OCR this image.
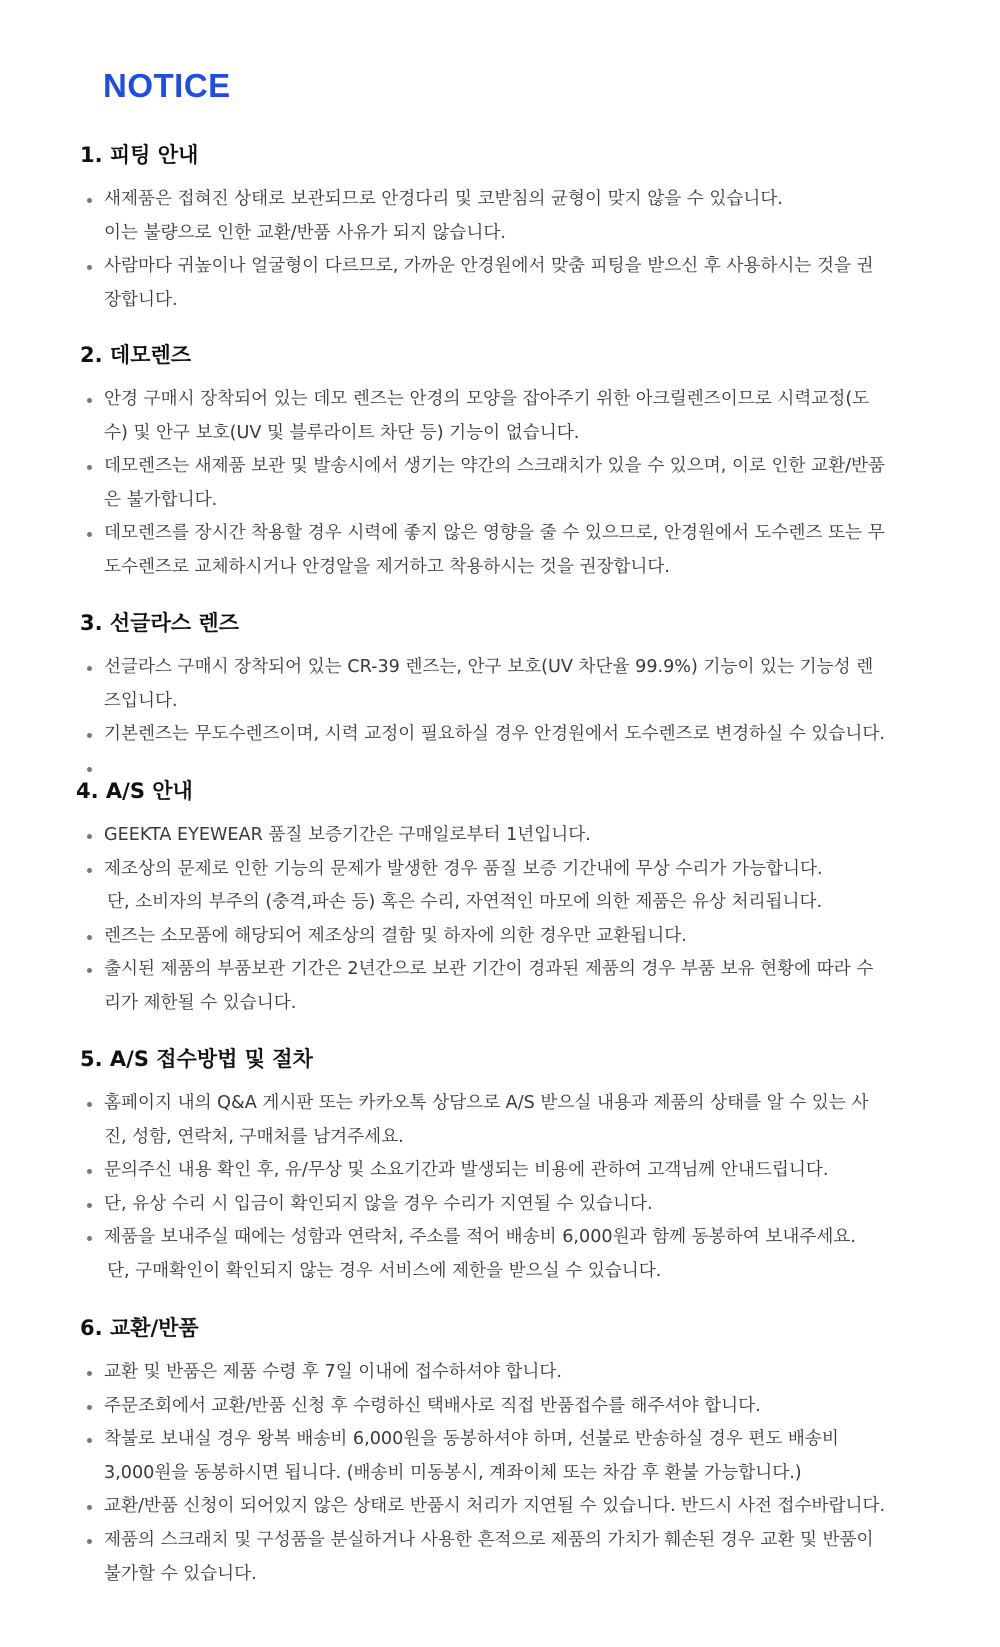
NOTICE
1. 피팅 안내
새제품은 접혀진 상태로 보관되므로 안경다리 및 코받침의 균형이 맞지 않을 수 있습니다.
이는 불량으로 인한 교환/반품 사유가 되지 않습니다.
사람마다 귀높이나 얼굴형이 다르므로, 가까운 안경원에서 맞춤 피팅을 받으신 후 사용하시는 것을 권
장합니다.
2. 데모렌즈
안경 구매시 장착되어 있는 데모 렌즈는 안경의 모양을 잡아주기 위한 아크릴렌즈이므로 시력교정(도
수) 및 안구 보호(UV 및 블루라이트 차단 등) 기능이 없습니다.
데모렌즈는 새제품 보관 및 발송시에서 생기는 약간의 스크래치가 있을 수 있으며, 이로 인한 교환/반품
은 불가합니다.
데모렌즈를 장시간 착용할 경우 시력에 좋지 않은 영향을 줄 수 있으므로, 안경원에서 도수렌즈 또는 무
도수렌즈로 교체하시거나 안경알을 제거하고 착용하시는 것을 권장합니다.
3. 선글라스 렌즈
선글라스 구매시 장착되어 있는 CR-39 렌즈는, 안구 보호(UV 차단율 99.9%) 기능이 있는 기능성 렌
즈입니다.
기본렌즈는 무도수렌즈이며, 시력 교정이 필요하실 경우 안경원에서 도수렌즈로 변경하실 수 있습니다.
4. A/S 안내
GEEKTA EYEWEAR 품질 보증기간은 구매일로부터 1년입니다.
제조상의 문제로 인한 기능의 문제가 발생한 경우 품질 보증 기간내에 무상 수리가 가능합니다.
단, 소비자의 부주의 (충격,파손 등) 혹은 수리, 자연적인 마모에 의한 제품은 유상 처리됩니다.
렌즈는 소모품에 해당되어 제조상의 결함 및 하자에 의한 경우만 교환됩니다.
출시된 제품의 부품보관 기간은 2년간으로 보관 기간이 경과된 제품의 경우 부품 보유 현황에 따라 수
리가 제한될 수 있습니다.
5. A/S 접수방법 및 절차
홈페이지 내의 Q&A 게시판 또는 카카오톡 상담으로 A/S 받으실 내용과 제품의 상태를 알 수 있는 사
진, 성함, 연락처, 구매처를 남겨주세요.
문의주신 내용 확인 후, 유/무상 및 소요기간과 발생되는 비용에 관하여 고객님께 안내드립니다.
단, 유상 수리 시 입금이 확인되지 않을 경우 수리가 지연될 수 있습니다.
제품을 보내주실 때에는 성함과 연락처, 주소를 적어 배송비 6,000원과 함께 동봉하여 보내주세요.
단, 구매확인이 확인되지 않는 경우 서비스에 제한을 받으실 수 있습니다.
6. 교환/반품
교환 및 반품은 제품 수령 후 7일 이내에 접수하셔야 합니다.
주문조회에서 교환/반품 신청 후 수령하신 택배사로 직접 반품접수를 해주셔야 합니다.
착불로 보내실 경우 왕복 배송비 6,000원을 동봉하셔야 하며, 선불로 반송하실 경우 편도 배송비
3,000원을 동봉하시면 됩니다. (배송비 미동봉시, 계좌이체 또는 차감 후 환불 가능합니다.)
교환/반품 신청이 되어있지 않은 상태로 반품시 처리가 지연될 수 있습니다. 반드시 사전 접수바랍니다.
제품의 스크래치 및 구성품을 분실하거나 사용한 흔적으로 제품의 가치가 훼손된 경우 교환 및 반품이
불가할 수 있습니다.
